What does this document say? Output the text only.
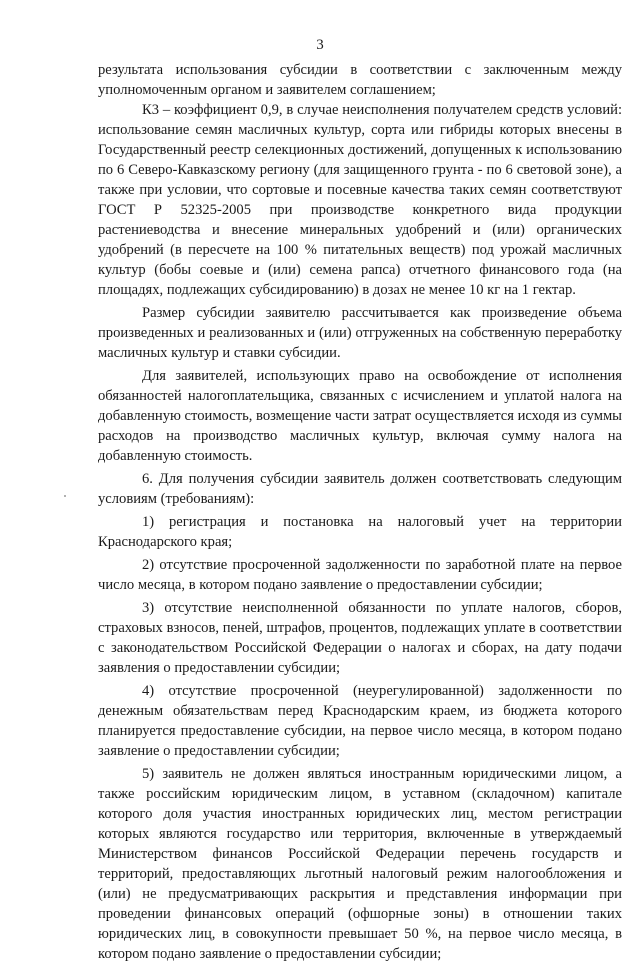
3

результата использования субсидии в соответствии с заключенным между уполномоченным органом и заявителем соглашением;

К3 – коэффициент 0,9, в случае неисполнения получателем средств условий: использование семян масличных культур, сорта или гибриды которых внесены в Государственный реестр селекционных достижений, допущенных к использованию по 6 Северо-Кавказскому региону (для защищенного грунта - по 6 световой зоне), а также при условии, что сортовые и посевные качества таких семян соответствуют ГОСТ Р 52325-2005 при производстве конкретного вида продукции растениеводства и внесение минеральных удобрений и (или) органических удобрений (в пересчете на 100 % питательных веществ) под урожай масличных культур (бобы соевые и (или) семена рапса) отчетного финансового года (на площадях, подлежащих субсидированию) в дозах не менее 10 кг на 1 гектар.

Размер субсидии заявителю рассчитывается как произведение объема произведенных и реализованных и (или) отгруженных на собственную переработку масличных культур и ставки субсидии.

Для заявителей, использующих право на освобождение от исполнения обязанностей налогоплательщика, связанных с исчислением и уплатой налога на добавленную стоимость, возмещение части затрат осуществляется исходя из суммы расходов на производство масличных культур, включая сумму налога на добавленную стоимость.

6. Для получения субсидии заявитель должен соответствовать следующим условиям (требованиям):

1) регистрация и постановка на налоговый учет на территории Краснодарского края;

2) отсутствие просроченной задолженности по заработной плате на первое число месяца, в котором подано заявление о предоставлении субсидии;

3) отсутствие неисполненной обязанности по уплате налогов, сборов, страховых взносов, пеней, штрафов, процентов, подлежащих уплате в соответствии с законодательством Российской Федерации о налогах и сборах, на дату подачи заявления о предоставлении субсидии;

4) отсутствие просроченной (неурегулированной) задолженности по денежным обязательствам перед Краснодарским краем, из бюджета которого планируется предоставление субсидии, на первое число месяца, в котором подано заявление о предоставлении субсидии;

5) заявитель не должен являться иностранным юридическими лицом, а также российским юридическим лицом, в уставном (складочном) капитале которого доля участия иностранных юридических лиц, местом регистрации которых являются государство или территория, включенные в утверждаемый Министерством финансов Российской Федерации перечень государств и территорий, предоставляющих льготный налоговый режим налогообложения и (или) не предусматривающих раскрытия и представления информации при проведении финансовых операций (офшорные зоны) в отношении таких юридических лиц, в совокупности превышает 50 %, на первое число месяца, в котором подано заявление о предоставлении субсидии;
